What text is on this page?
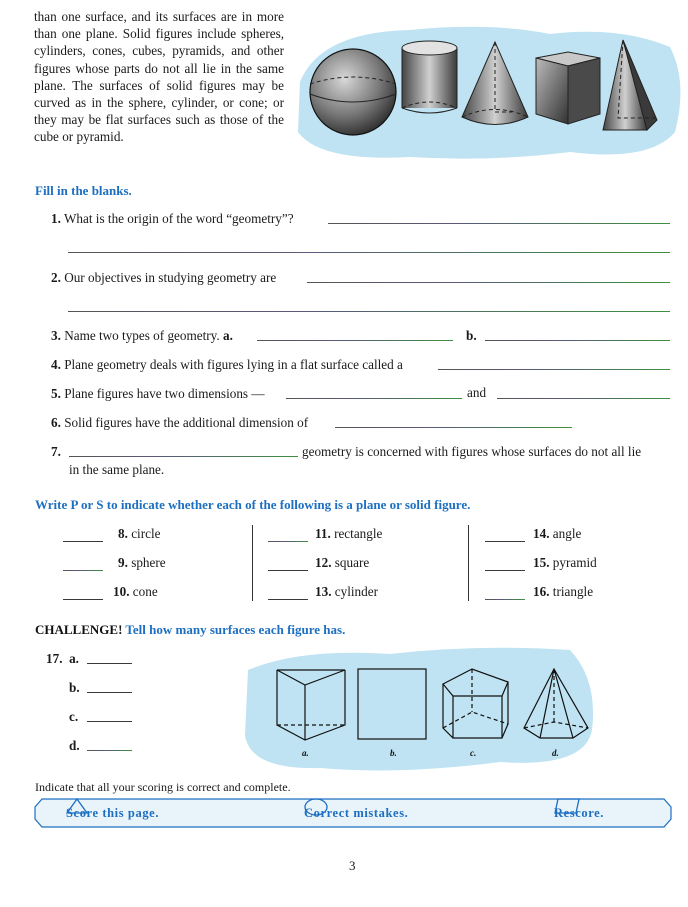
than one surface, and its surfaces are in more than one plane. Solid figures include spheres, cylinders, cones, cubes, pyramids, and other figures whose parts do not all lie in the same plane. The surfaces of solid figures may be curved as in the sphere, cylinder, or cone; or they may be flat surfaces such as those of the cube or pyramid.

Fill in the blanks.
1. What is the origin of the word “geometry”?
2. Our objectives in studying geometry are
3. Name two types of geometry. a.	b.
4. Plane geometry deals with figures lying in a flat surface called a
5. Plane figures have two dimensions —	and
6. Solid figures have the additional dimension of
7.	geometry is concerned with figures whose surfaces do not all lie
in the same plane.
Write P or S to indicate whether each of the following is a plane or solid figure.
8. circle
9. sphere
10. cone
11. rectangle
12. square
13. cylinder
14. angle
15. pyramid
16. triangle
CHALLENGE! Tell how many surfaces each figure has.
17. a.
b.
c.
d.	a.	b.	c.	d.
Indicate that all your scoring is correct and complete.
Score this page.	Correct mistakes.	Rescore.
3
